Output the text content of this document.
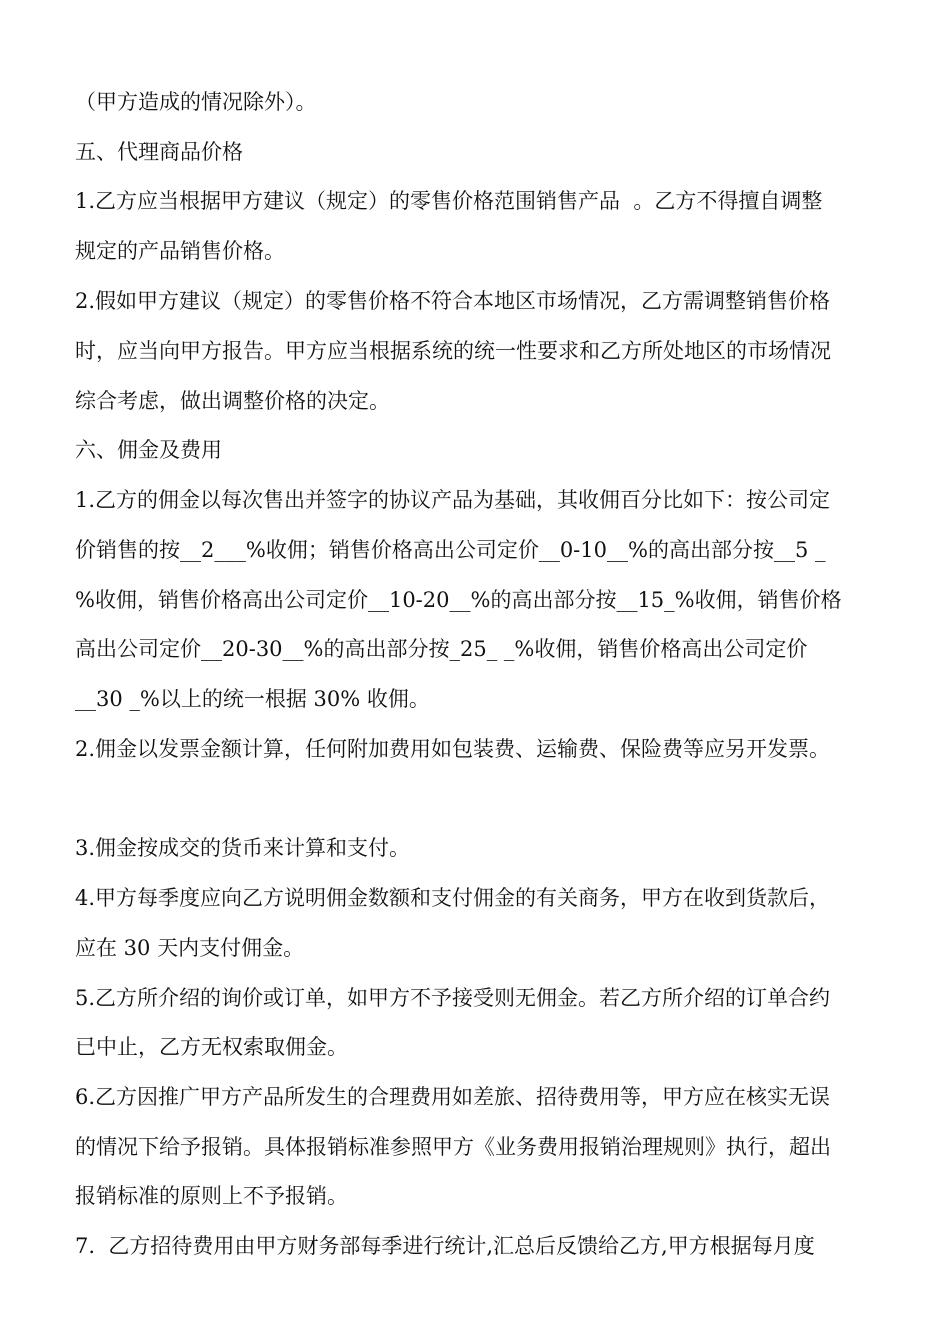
（甲方造成的情况除外）。
五、代理商品价格
1.乙方应当根据甲方建议（规定）的零售价格范围销售产品  。乙方不得擅自调整
规定的产品销售价格。
2.假如甲方建议（规定）的零售价格不符合本地区市场情况，乙方需调整销售价格
时，应当向甲方报告。甲方应当根据系统的统一性要求和乙方所处地区的市场情况
综合考虑，做出调整价格的决定。
六、佣金及费用
1.乙方的佣金以每次售出并签字的协议产品为基础，其收佣百分比如下：按公司定
价销售的按__2___%收佣；销售价格高出公司定价__0-10__%的高出部分按__5 _
%收佣，销售价格高出公司定价__10-20__%的高出部分按__15_%收佣，销售价格
高出公司定价__20-30__%的高出部分按_25_ _%收佣，销售价格高出公司定价
__30 _%以上的统一根据 30% 收佣。
2.佣金以发票金额计算，任何附加费用如包装费、运输费、保险费等应另开发票。
3.佣金按成交的货币来计算和支付。
4.甲方每季度应向乙方说明佣金数额和支付佣金的有关商务，甲方在收到货款后，
应在 30 天内支付佣金。
5.乙方所介绍的询价或订单，如甲方不予接受则无佣金。若乙方所介绍的订单合约
已中止，乙方无权索取佣金。
6.乙方因推广甲方产品所发生的合理费用如差旅、招待费用等，甲方应在核实无误
的情况下给予报销。具体报销标准参照甲方《业务费用报销治理规则》执行，超出
报销标准的原则上不予报销。
7.  乙方招待费用由甲方财务部每季进行统计,汇总后反馈给乙方,甲方根据每月度
